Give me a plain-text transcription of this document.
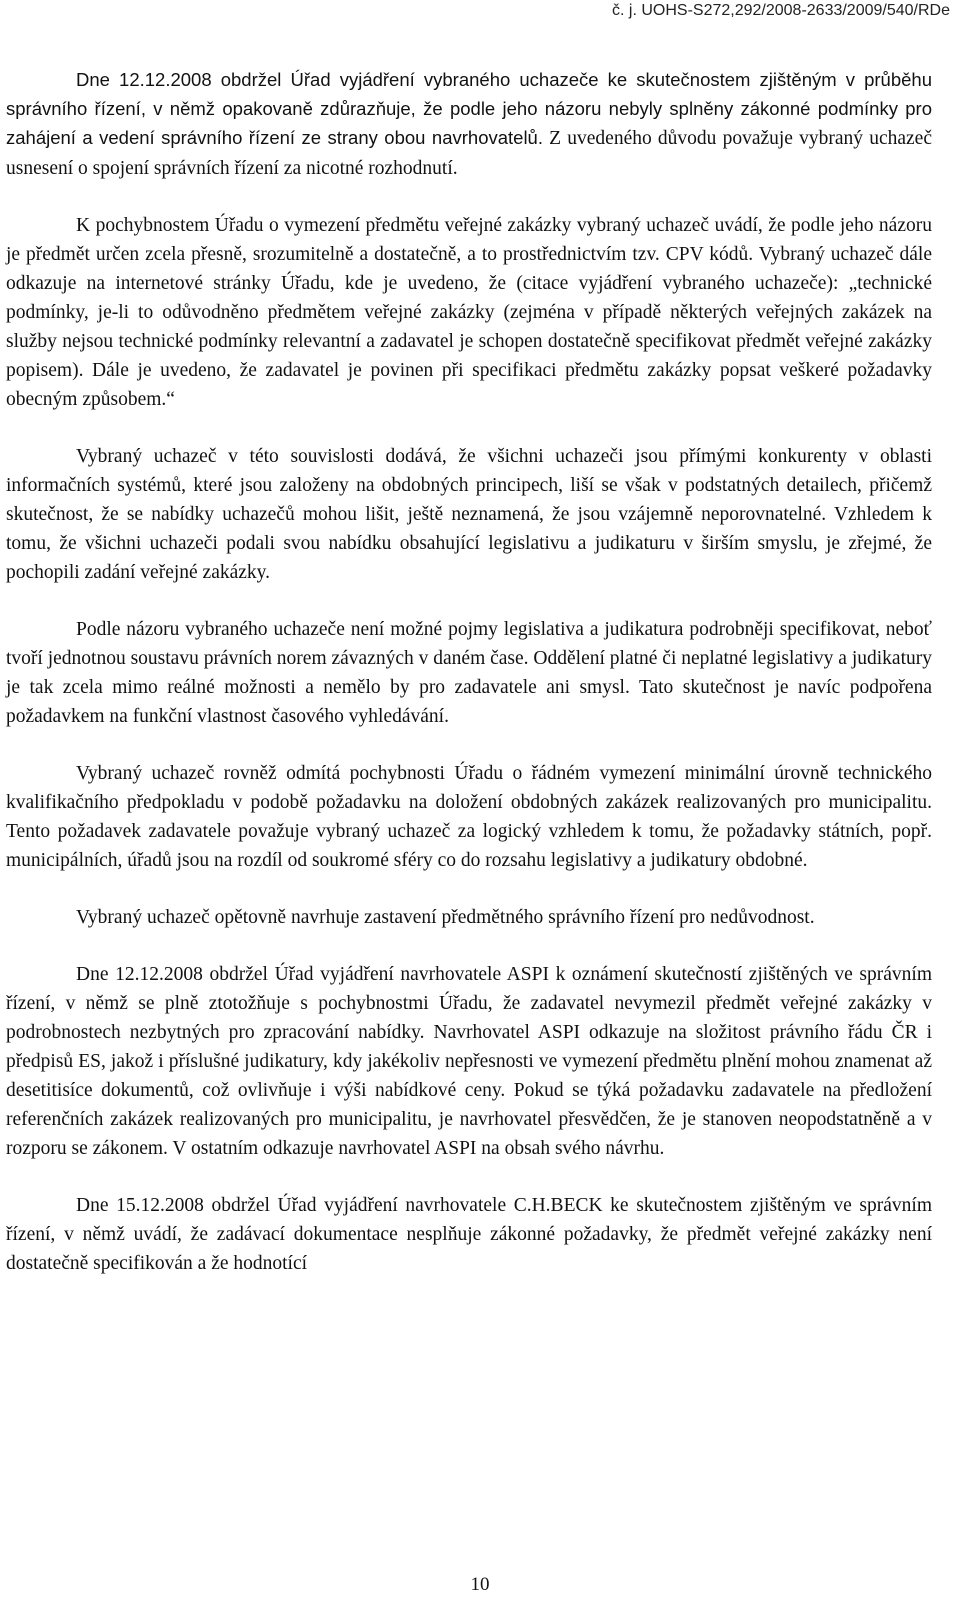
č. j. UOHS-S272,292/2008-2633/2009/540/RDe

Dne 12.12.2008 obdržel Úřad vyjádření vybraného uchazeče ke skutečnostem zjištěným v průběhu správního řízení, v němž opakovaně zdůrazňuje, že podle jeho názoru nebyly splněny zákonné podmínky pro zahájení a vedení správního řízení ze strany obou navrhovatelů. Z uvedeného důvodu považuje vybraný uchazeč usnesení o spojení správních řízení za nicotné rozhodnutí.

K pochybnostem Úřadu o vymezení předmětu veřejné zakázky vybraný uchazeč uvádí, že podle jeho názoru je předmět určen zcela přesně, srozumitelně a dostatečně, a to prostřednictvím tzv. CPV kódů. Vybraný uchazeč dále odkazuje na internetové stránky Úřadu, kde je uvedeno, že (citace vyjádření vybraného uchazeče): „technické podmínky, je-li to odůvodněno předmětem veřejné zakázky (zejména v případě některých veřejných zakázek na služby nejsou technické podmínky relevantní a zadavatel je schopen dostatečně specifikovat předmět veřejné zakázky popisem). Dále je uvedeno, že zadavatel je povinen při specifikaci předmětu zakázky popsat veškeré požadavky obecným způsobem.“

Vybraný uchazeč v této souvislosti dodává, že všichni uchazeči jsou přímými konkurenty v oblasti informačních systémů, které jsou založeny na obdobných principech, liší se však v podstatných detailech, přičemž skutečnost, že se nabídky uchazečů mohou lišit, ještě neznamená, že jsou vzájemně neporovnatelné. Vzhledem k tomu, že všichni uchazeči podali svou nabídku obsahující legislativu a judikaturu v širším smyslu, je zřejmé, že pochopili zadání veřejné zakázky.

Podle názoru vybraného uchazeče není možné pojmy legislativa a judikatura podrobněji specifikovat, neboť tvoří jednotnou soustavu právních norem závazných v daném čase. Oddělení platné či neplatné legislativy a judikatury je tak zcela mimo reálné možnosti a nemělo by pro zadavatele ani smysl. Tato skutečnost je navíc podpořena požadavkem na funkční vlastnost časového vyhledávání.

Vybraný uchazeč rovněž odmítá pochybnosti Úřadu o řádném vymezení minimální úrovně technického kvalifikačního předpokladu v podobě požadavku na doložení obdobných zakázek realizovaných pro municipalitu. Tento požadavek zadavatele považuje vybraný uchazeč za logický vzhledem k tomu, že požadavky státních, popř. municipálních, úřadů jsou na rozdíl od soukromé sféry co do rozsahu legislativy a judikatury obdobné.

Vybraný uchazeč opětovně navrhuje zastavení předmětného správního řízení pro nedůvodnost.

Dne 12.12.2008 obdržel Úřad vyjádření navrhovatele ASPI k oznámení skutečností zjištěných ve správním řízení, v němž se plně ztotožňuje s pochybnostmi Úřadu, že zadavatel nevymezil předmět veřejné zakázky v podrobnostech nezbytných pro zpracování nabídky. Navrhovatel ASPI odkazuje na složitost právního řádu ČR i předpisů ES, jakož i příslušné judikatury, kdy jakékoliv nepřesnosti ve vymezení předmětu plnění mohou znamenat až desetitisíce dokumentů, což ovlivňuje i výši nabídkové ceny. Pokud se týká požadavku zadavatele na předložení referenčních zakázek realizovaných pro municipalitu, je navrhovatel přesvědčen, že je stanoven neopodstatněně a v rozporu se zákonem. V ostatním odkazuje navrhovatel ASPI na obsah svého návrhu.

Dne 15.12.2008 obdržel Úřad vyjádření navrhovatele C.H.BECK ke skutečnostem zjištěným ve správním řízení, v němž uvádí, že zadávací dokumentace nesplňuje zákonné požadavky, že předmět veřejné zakázky není dostatečně specifikován a že hodnotící

10
